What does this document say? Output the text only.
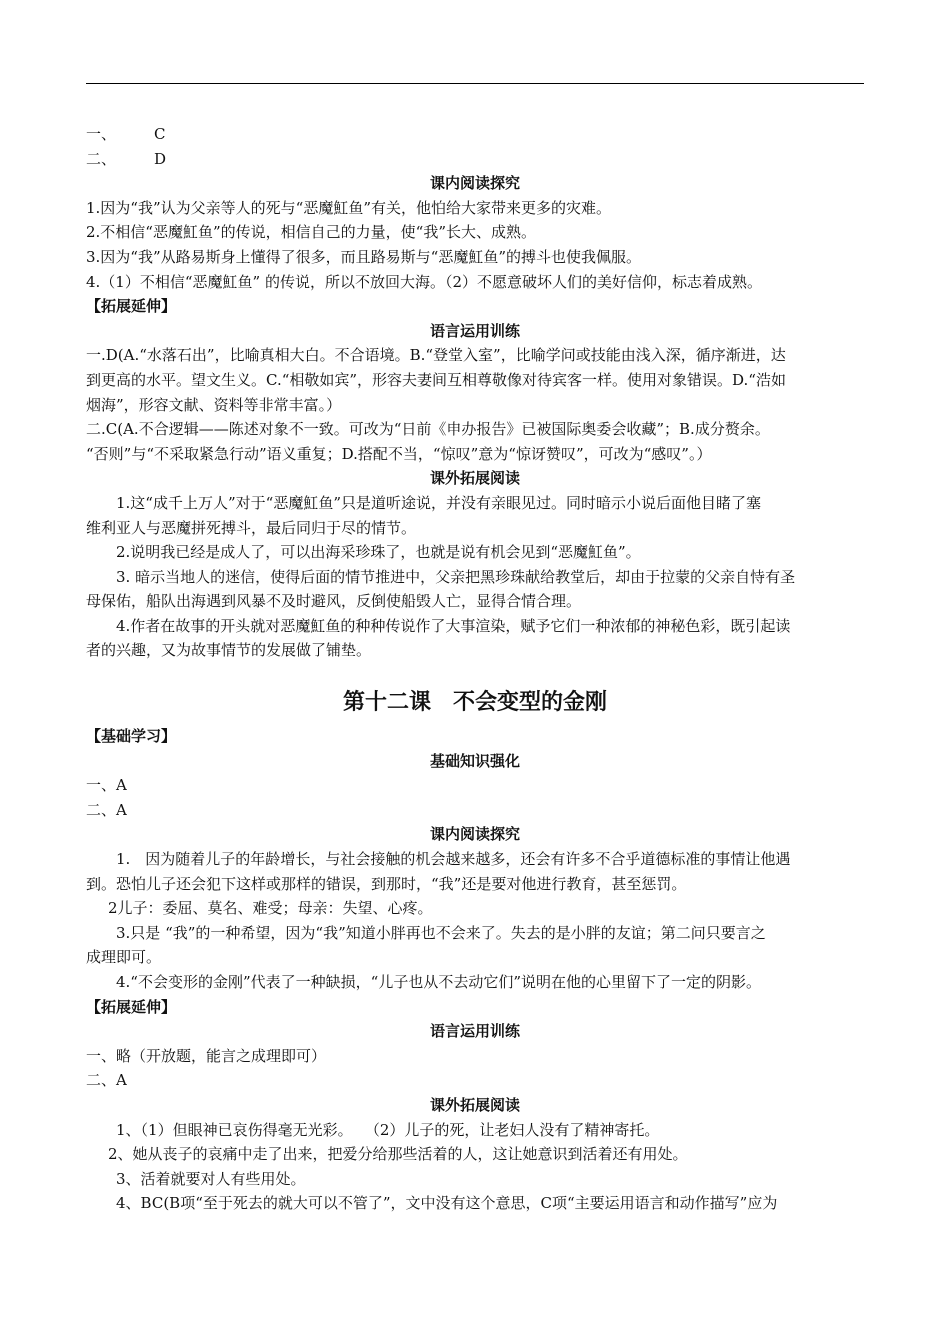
一、	C
二、	D
课内阅读探究
1.因为“我”认为父亲等人的死与“恶魔魟鱼”有关，他怕给大家带来更多的灾难。
2.不相信“恶魔魟鱼”的传说，相信自己的力量，使“我”长大、成熟。
3.因为“我”从路易斯身上懂得了很多，而且路易斯与“恶魔魟鱼”的搏斗也使我佩服。
4.（1）不相信“恶魔魟鱼” 的传说，所以不放回大海。（2）不愿意破坏人们的美好信仰，标志着成熟。
【拓展延伸】
语言运用训练
一.D(A.“水落石出”，比喻真相大白。不合语境。B.“登堂入室”，比喻学问或技能由浅入深，循序渐进，达
到更高的水平。望文生义。C.“相敬如宾”，形容夫妻间互相尊敬像对待宾客一样。使用对象错误。D.“浩如
烟海”，形容文献、资料等非常丰富。）
二.C(A.不合逻辑——陈述对象不一致。可改为“日前《申办报告》已被国际奥委会收藏”；B.成分赘余。
“否则”与“不采取紧急行动”语义重复；D.搭配不当，“惊叹”意为“惊讶赞叹”，可改为“感叹”。）
课外拓展阅读
1.这“成千上万人”对于“恶魔魟鱼”只是道听途说，并没有亲眼见过。同时暗示小说后面他目睹了塞
维利亚人与恶魔拼死搏斗，最后同归于尽的情节。
2.说明我已经是成人了，可以出海采珍珠了，也就是说有机会见到“恶魔魟鱼”。
3. 暗示当地人的迷信，使得后面的情节推进中，父亲把黑珍珠献给教堂后，却由于拉蒙的父亲自恃有圣
母保佑，船队出海遇到风暴不及时避风，反倒使船毁人亡，显得合情合理。
4.作者在故事的开头就对恶魔魟鱼的种种传说作了大事渲染，赋予它们一种浓郁的神秘色彩，既引起读
者的兴趣，又为故事情节的发展做了铺垫。
第十二课　不会变型的金刚
【基础学习】
基础知识强化
一、A
二、A
课内阅读探究
1.　因为随着儿子的年龄增长，与社会接触的机会越来越多，还会有许多不合乎道德标准的事情让他遇
到。恐怕儿子还会犯下这样或那样的错误，到那时，“我”还是要对他进行教育，甚至惩罚。
2儿子：委屈、莫名、难受；母亲：失望、心疼。
3.只是 “我”的一种希望，因为“我”知道小胖再也不会来了。失去的是小胖的友谊；第二问只要言之
成理即可。
4.“不会变形的金刚”代表了一种缺损，“儿子也从不去动它们”说明在他的心里留下了一定的阴影。
【拓展延伸】
语言运用训练
一、略（开放题，能言之成理即可）
二、A
课外拓展阅读
1、（1）但眼神已哀伤得毫无光彩。　 （2）儿子的死，让老妇人没有了精神寄托。
2、她从丧子的哀痛中走了出来，把爱分给那些活着的人，这让她意识到活着还有用处。
3、活着就要对人有些用处。
4、BC(B项“至于死去的就大可以不管了”，文中没有这个意思，C项“主要运用语言和动作描写”应为
